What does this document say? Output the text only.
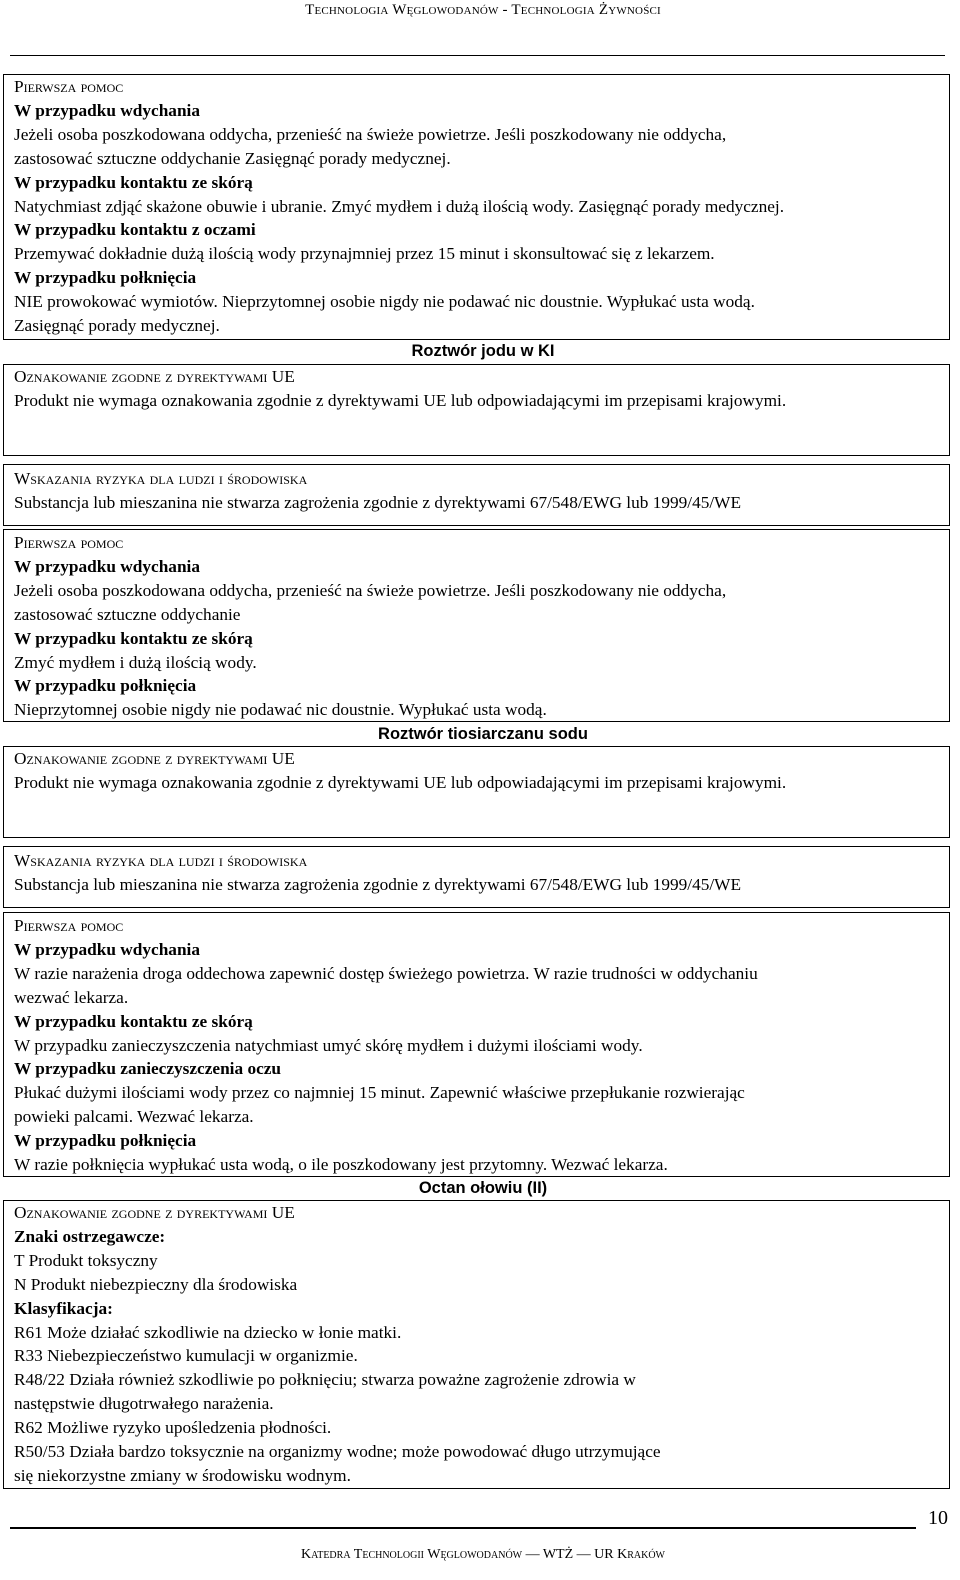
Technologia Węglowodanów - Technologia Żywności
Pierwsza pomoc
W przypadku wdychania
Jeżeli osoba poszkodowana oddycha, przenieść na świeże powietrze. Jeśli poszkodowany nie oddycha,
zastosować sztuczne oddychanie Zasięgnąć porady medycznej.
W przypadku kontaktu ze skórą
Natychmiast zdjąć skażone obuwie i ubranie. Zmyć mydłem i dużą ilością wody. Zasięgnąć porady medycznej.
W przypadku kontaktu z oczami
Przemywać dokładnie dużą ilością wody przynajmniej przez 15 minut i skonsultować się z lekarzem.
W przypadku połknięcia
NIE prowokować wymiotów. Nieprzytomnej osobie nigdy nie podawać nic doustnie. Wypłukać usta wodą.
Zasięgnąć porady medycznej.
Roztwór jodu w KI
Oznakowanie zgodne z dyrektywami UE
Produkt nie wymaga oznakowania zgodnie z dyrektywami UE lub odpowiadającymi im przepisami krajowymi.
Wskazania ryzyka dla ludzi i środowiska
Substancja lub mieszanina nie stwarza zagrożenia zgodnie z dyrektywami 67/548/EWG lub 1999/45/WE
Pierwsza pomoc
W przypadku wdychania
Jeżeli osoba poszkodowana oddycha, przenieść na świeże powietrze. Jeśli poszkodowany nie oddycha,
zastosować sztuczne oddychanie
W przypadku kontaktu ze skórą
Zmyć mydłem i dużą ilością wody.
W przypadku połknięcia
Nieprzytomnej osobie nigdy nie podawać nic doustnie. Wypłukać usta wodą.
Roztwór tiosiarczanu sodu
Oznakowanie zgodne z dyrektywami UE
Produkt nie wymaga oznakowania zgodnie z dyrektywami UE lub odpowiadającymi im przepisami krajowymi.
Wskazania ryzyka dla ludzi i środowiska
Substancja lub mieszanina nie stwarza zagrożenia zgodnie z dyrektywami 67/548/EWG lub 1999/45/WE
Pierwsza pomoc
W przypadku wdychania
W razie narażenia droga oddechowa zapewnić dostęp świeżego powietrza. W razie trudności w oddychaniu
wezwać lekarza.
W przypadku kontaktu ze skórą
W przypadku zanieczyszczenia natychmiast umyć skórę mydłem i dużymi ilościami wody.
W przypadku zanieczyszczenia oczu
Płukać dużymi ilościami wody przez co najmniej 15 minut. Zapewnić właściwe przepłukanie rozwierając
powieki palcami. Wezwać lekarza.
W przypadku połknięcia
W razie połknięcia wypłukać usta wodą, o ile poszkodowany jest przytomny. Wezwać lekarza.
Octan ołowiu (II)
Oznakowanie zgodne z dyrektywami UE
Znaki ostrzegawcze:
T Produkt toksyczny
N Produkt niebezpieczny dla środowiska
Klasyfikacja:
R61 Może działać szkodliwie na dziecko w łonie matki.
R33 Niebezpieczeństwo kumulacji w organizmie.
R48/22 Działa również szkodliwie po połknięciu; stwarza poważne zagrożenie zdrowia w
następstwie długotrwałego narażenia.
R62 Możliwe ryzyko upośledzenia płodności.
R50/53 Działa bardzo toksycznie na organizmy wodne; może powodować długo utrzymujące
się niekorzystne zmiany w środowisku wodnym.
10
Katedra Technologii Węglowodanów — WTŻ — UR Kraków
